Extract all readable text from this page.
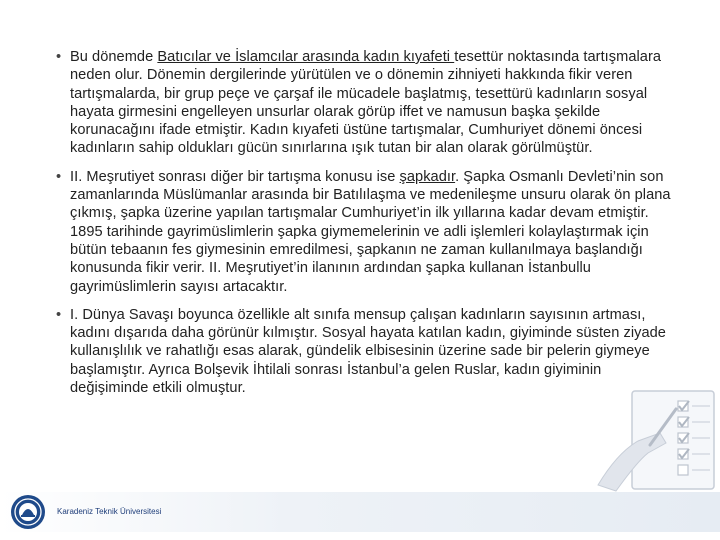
• Bu dönemde Batıcılar ve İslamcılar arasında kadın kıyafeti tesettür noktasında tartışmalara neden olur. Dönemin dergilerinde yürütülen ve o dönemin zihniyeti hakkında fikir veren tartışmalarda, bir grup peçe ve çarşaf ile mücadele başlatmış, tesettürü kadınların sosyal hayata girmesini engelleyen unsurlar olarak görüp iffet ve namusun başka şekilde korunacağını ifade etmiştir. Kadın kıyafeti üstüne tartışmalar, Cumhuriyet dönemi öncesi kadınların sahip oldukları gücün sınırlarına ışık tutan bir alan olarak görülmüştür.

• II. Meşrutiyet sonrası diğer bir tartışma konusu ise şapkadır. Şapka Osmanlı Devleti’nin son zamanlarında Müslümanlar arasında bir Batılılaşma ve medenileşme unsuru olarak ön plana çıkmış, şapka üzerine yapılan tartışmalar Cumhuriyet’in ilk yıllarına kadar devam etmiştir. 1895 tarihinde gayrimüslimlerin şapka giymemelerinin ve adli işlemleri kolaylaştırmak için bütün tebaanın fes giymesinin emredilmesi, şapkanın ne zaman kullanılmaya başlandığı konusunda fikir verir. II. Meşrutiyet’in ilanının ardından şapka kullanan İstanbullu gayrimüslimlerin sayısı artacaktır.

• I. Dünya Savaşı boyunca özellikle alt sınıfa mensup çalışan kadınların sayısının artması, kadını dışarıda daha görünür kılmıştır. Sosyal hayata katılan kadın, giyiminde süsten ziyade kullanışlılık ve rahatlığı esas alarak, gündelik elbisesinin üzerine sade bir pelerin giymeye başlamıştır. Ayrıca Bolşevik İhtilali sonrası İstanbul’a gelen Ruslar, kadın giyiminin değişiminde etkili olmuştur.

Karadeniz Teknik Üniversitesi
